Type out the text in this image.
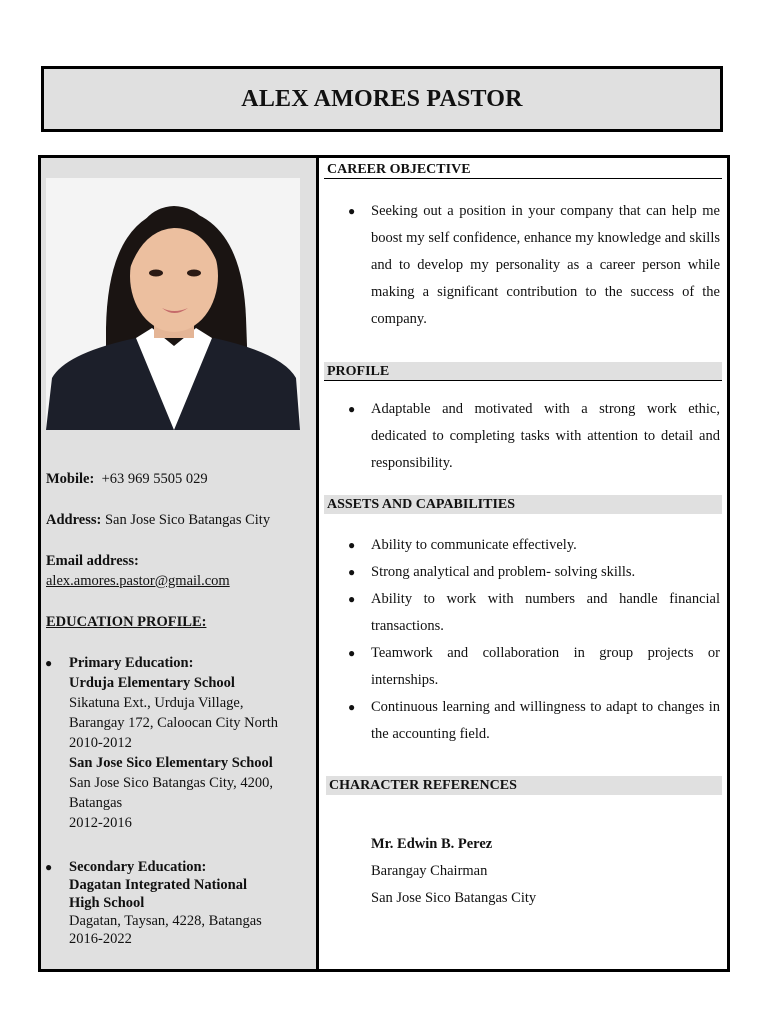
ALEX AMORES PASTOR
Mobile: +63 969 5505 029
Address: San Jose Sico Batangas City
Email address:
alex.amores.pastor@gmail.com
EDUCATION PROFILE:
● Primary Education:
Urduja Elementary School
Sikatuna Ext., Urduja Village,
Barangay 172, Caloocan City North
2010-2012
San Jose Sico Elementary School
San Jose Sico Batangas City, 4200,
Batangas
2012-2016
● Secondary Education:
Dagatan Integrated National
High School
Dagatan, Taysan, 4228, Batangas
2016-2022
CAREER OBJECTIVE
● Seeking out a position in your company that can help me boost my self confidence, enhance my knowledge and skills and to develop my personality as a career person while making a significant contribution to the success of the company.
PROFILE
● Adaptable and motivated with a strong work ethic, dedicated to completing tasks with attention to detail and responsibility.
ASSETS AND CAPABILITIES
● Ability to communicate effectively.
● Strong analytical and problem- solving skills.
● Ability to work with numbers and handle financial transactions.
● Teamwork and collaboration in group projects or internships.
● Continuous learning and willingness to adapt to changes in the accounting field.
CHARACTER REFERENCES
Mr. Edwin B. Perez
Barangay Chairman
San Jose Sico Batangas City
